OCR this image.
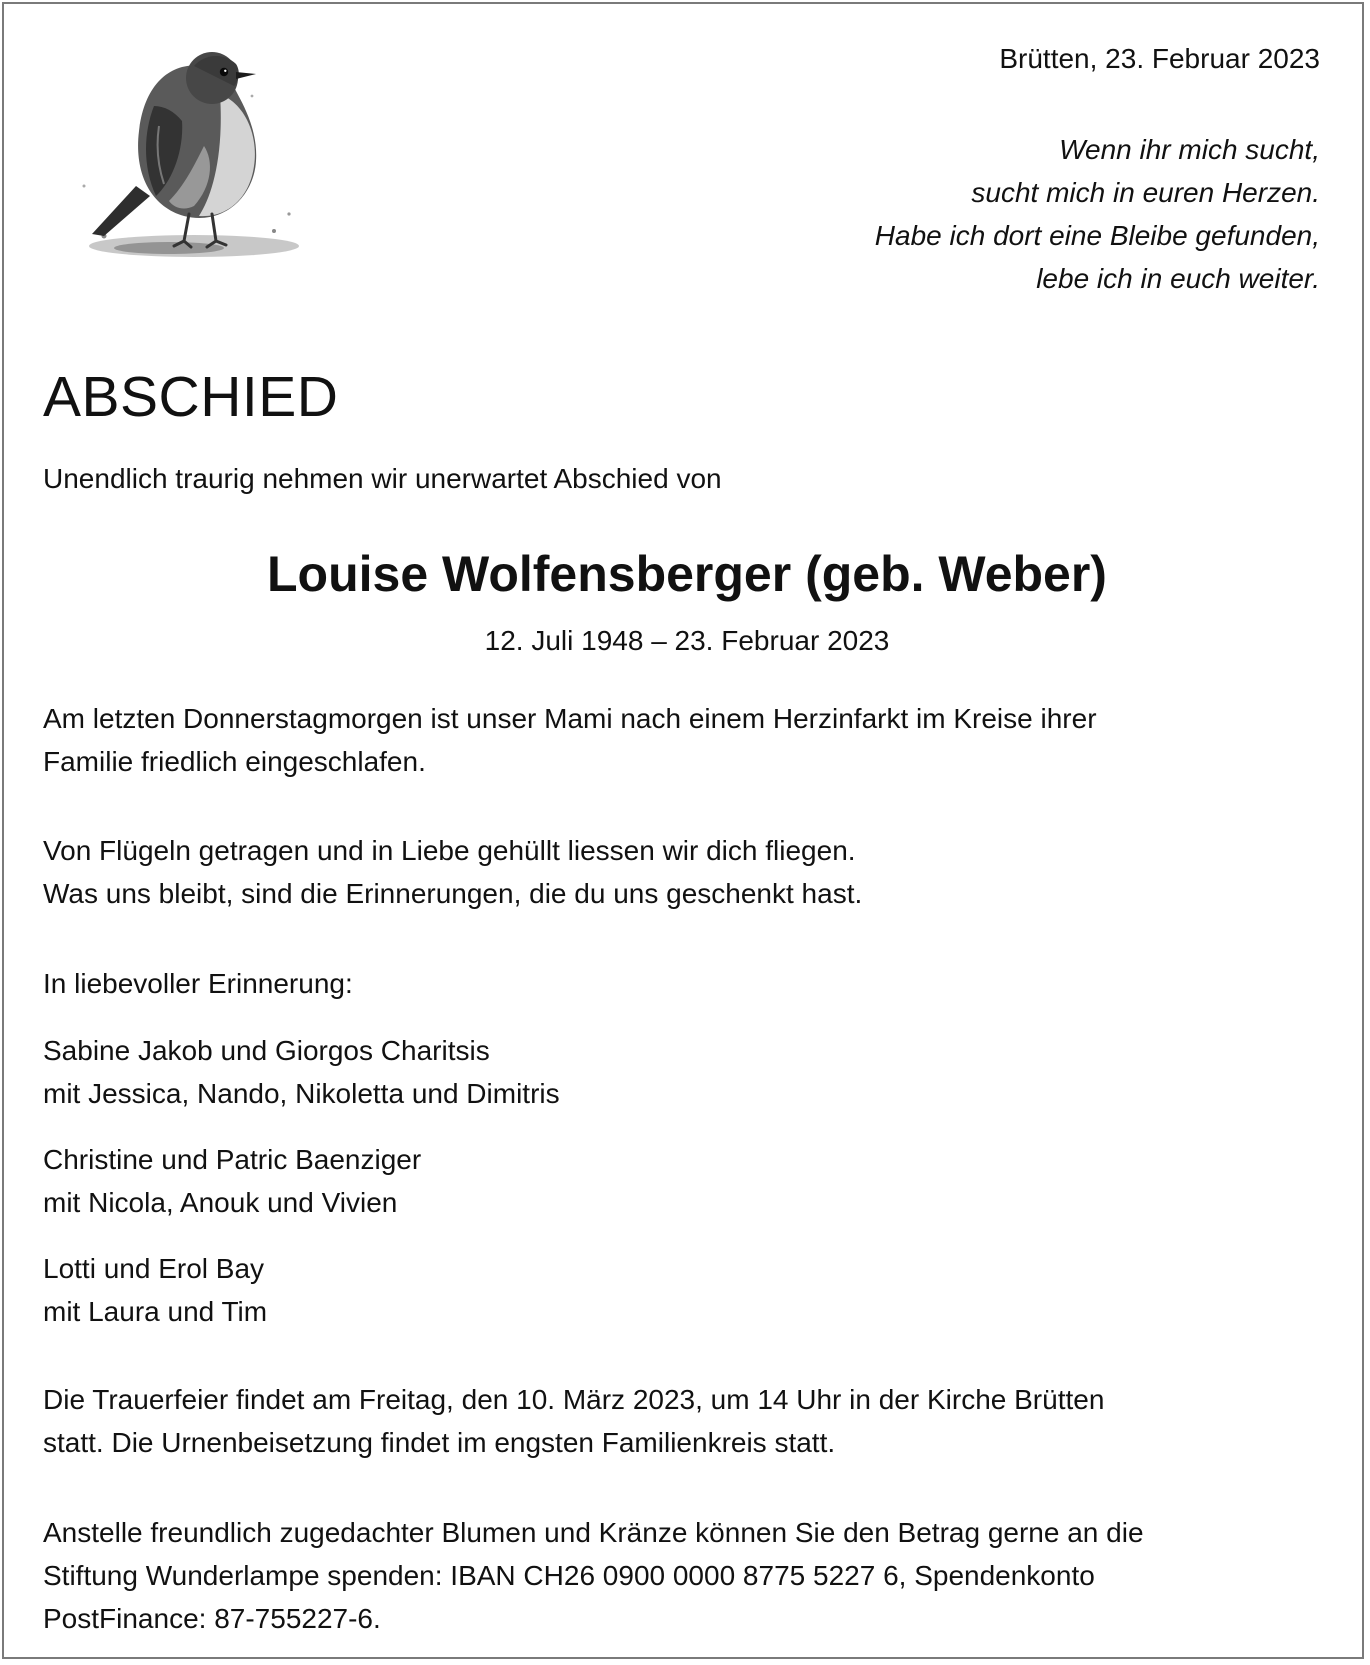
Brütten, 23. Februar 2023
Wenn ihr mich sucht,
sucht mich in euren Herzen.
Habe ich dort eine Bleibe gefunden,
lebe ich in euch weiter.
ABSCHIED
Unendlich traurig nehmen wir unerwartet Abschied von
Louise Wolfensberger (geb. Weber)
12. Juli 1948 – 23. Februar 2023
Am letzten Donnerstagmorgen ist unser Mami nach einem Herzinfarkt im Kreise ihrer
Familie friedlich eingeschlafen.
Von Flügeln getragen und in Liebe gehüllt liessen wir dich fliegen.
Was uns bleibt, sind die Erinnerungen, die du uns geschenkt hast.
In liebevoller Erinnerung:
Sabine Jakob und Giorgos Charitsis
mit Jessica, Nando, Nikoletta und Dimitris
Christine und Patric Baenziger
mit Nicola, Anouk und Vivien
Lotti und Erol Bay
mit Laura und Tim
Die Trauerfeier findet am Freitag, den 10. März 2023, um 14 Uhr in der Kirche Brütten
statt. Die Urnenbeisetzung findet im engsten Familienkreis statt.
Anstelle freundlich zugedachter Blumen und Kränze können Sie den Betrag gerne an die
Stiftung Wunderlampe spenden: IBAN CH26 0900 0000 8775 5227 6, Spendenkonto
PostFinance: 87-755227-6.
